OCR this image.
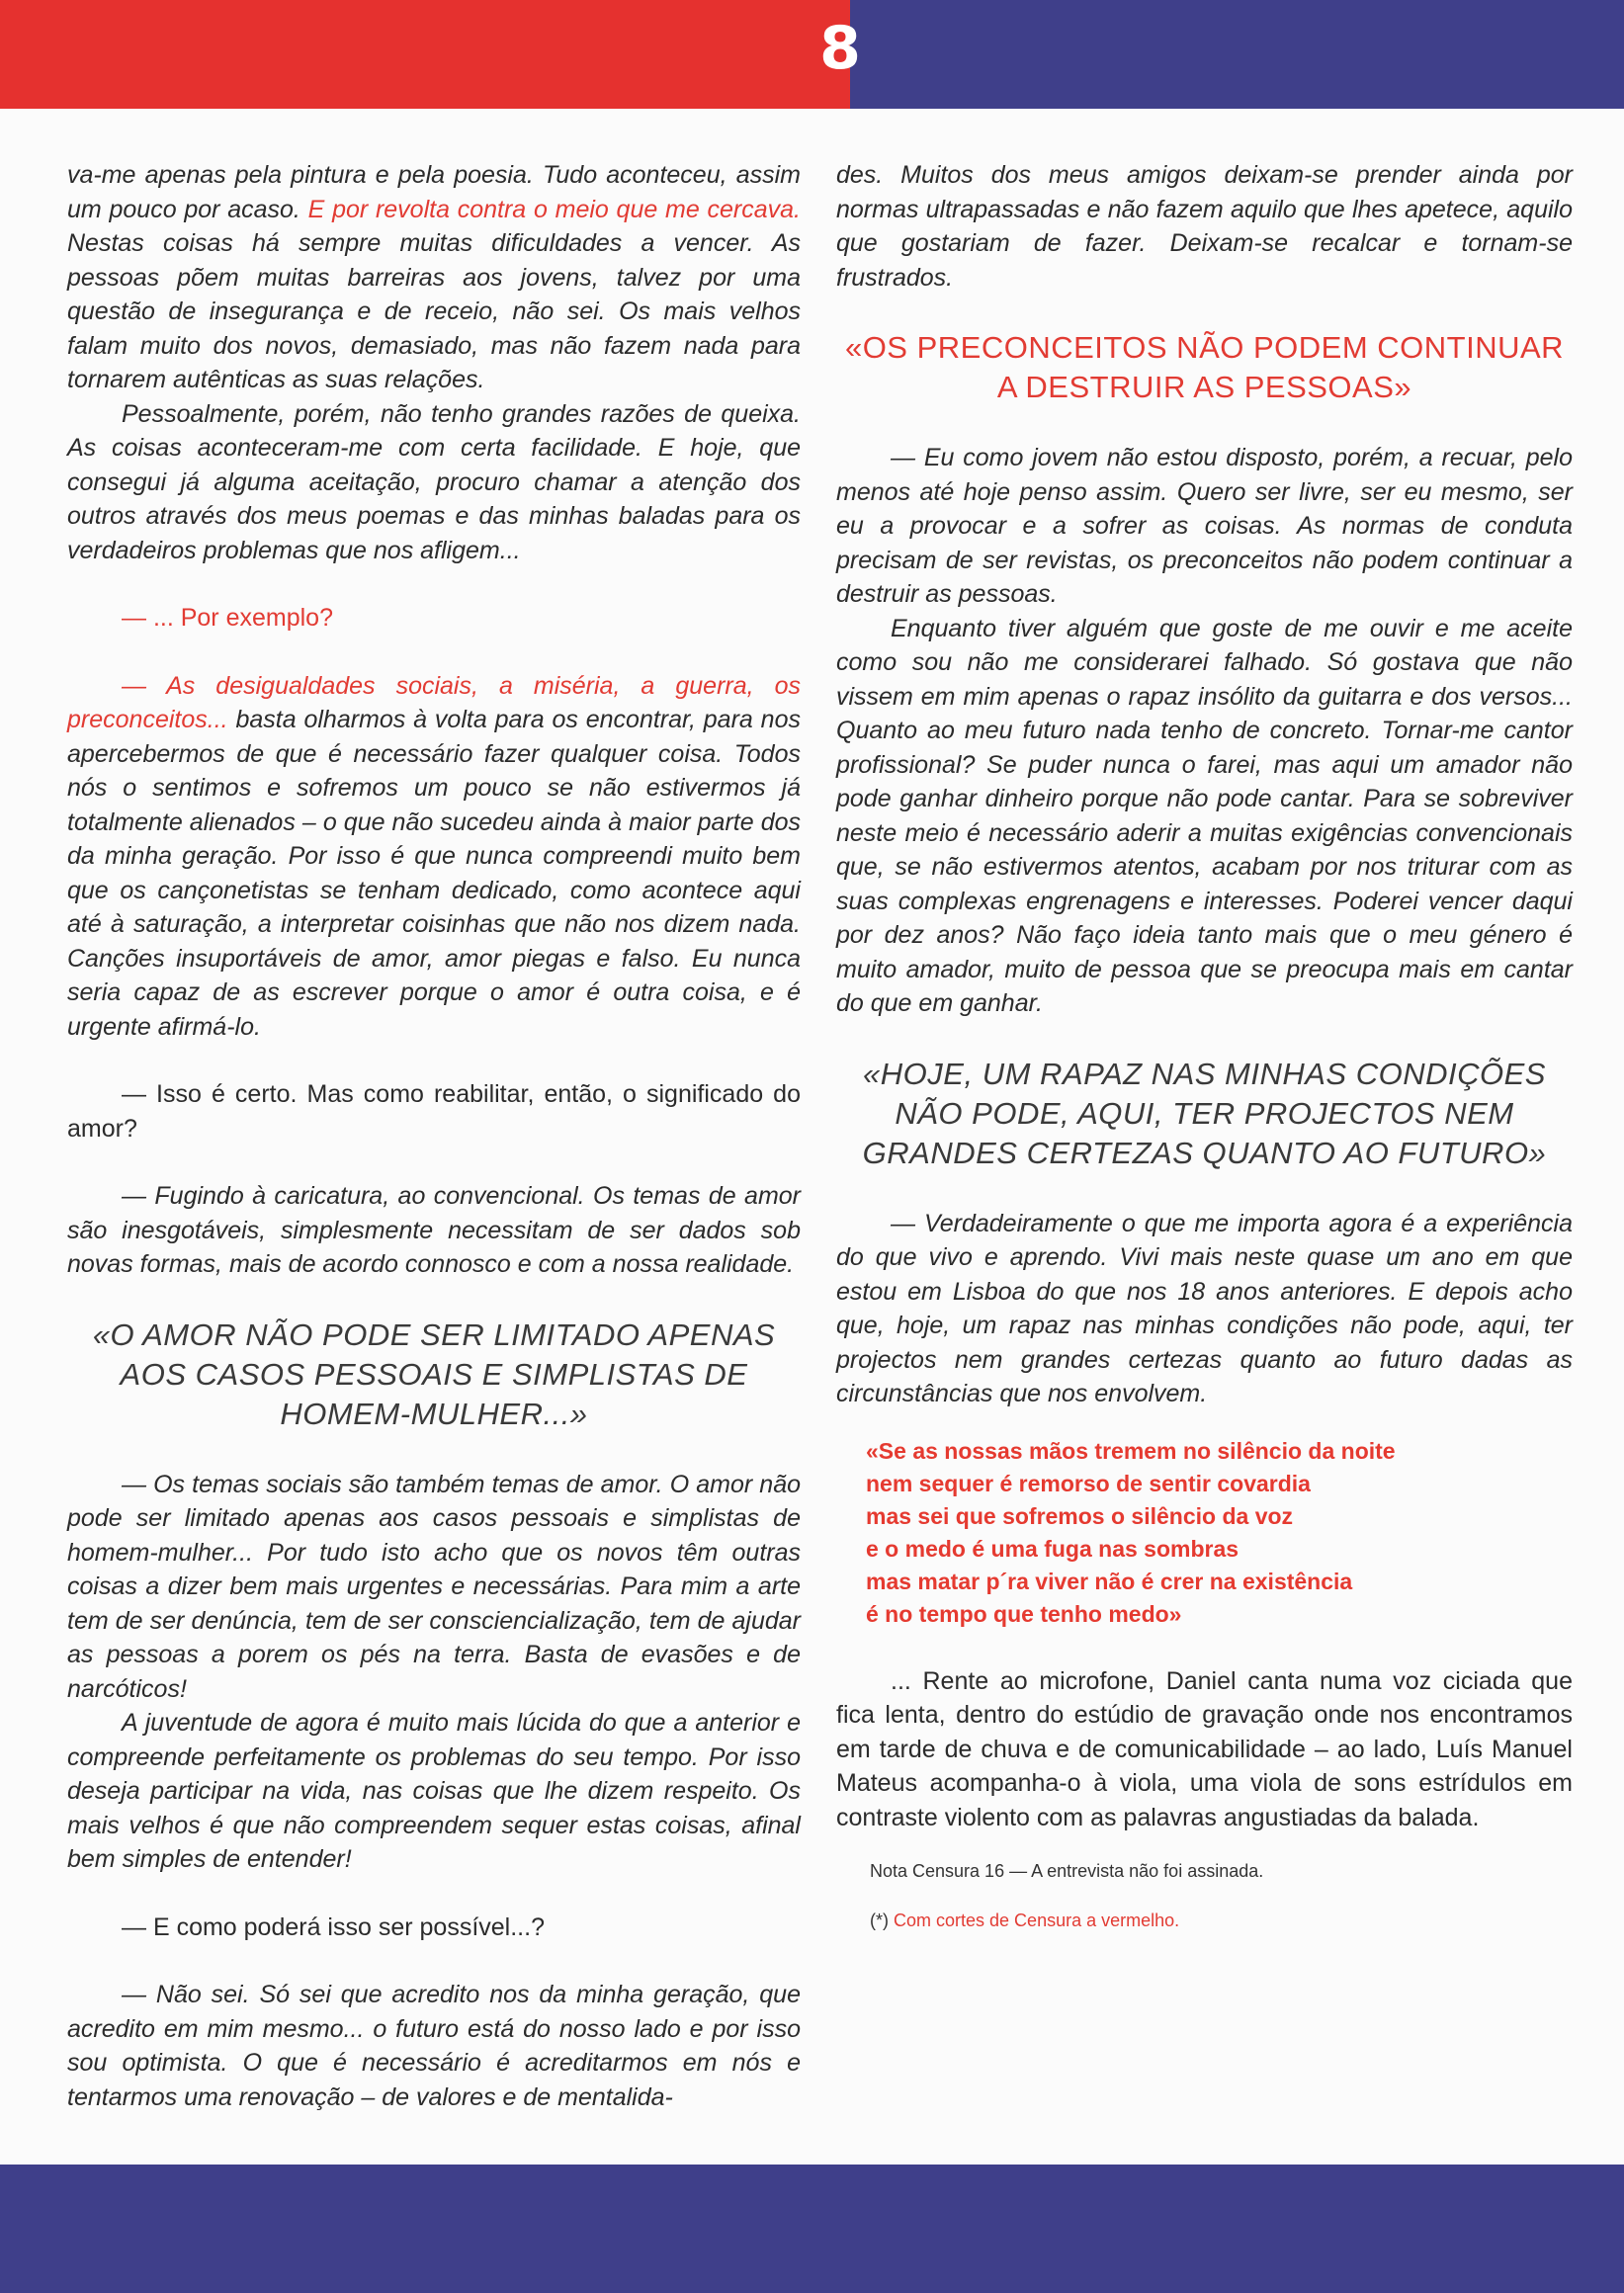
8

va-me apenas pela pintura e pela poesia. Tudo aconteceu, assim um pouco por acaso. E por revolta contra o meio que me cercava. Nestas coisas há sempre muitas dificuldades a vencer. As pessoas põem muitas barreiras aos jovens, talvez por uma questão de insegurança e de receio, não sei. Os mais velhos falam muito dos novos, demasiado, mas não fazem nada para tornarem autênticas as suas relações.

Pessoalmente, porém, não tenho grandes razões de queixa. As coisas aconteceram-me com certa facilidade. E hoje, que consegui já alguma aceitação, procuro chamar a atenção dos outros através dos meus poemas e das minhas baladas para os verdadeiros problemas que nos afligem...

— ... Por exemplo?

— As desigualdades sociais, a miséria, a guerra, os preconceitos... basta olharmos à volta para os encontrar, para nos apercebermos de que é necessário fazer qualquer coisa. Todos nós o sentimos e sofremos um pouco se não estivermos já totalmente alienados – o que não sucedeu ainda à maior parte dos da minha geração. Por isso é que nunca compreendi muito bem que os cançonetistas se tenham dedicado, como acontece aqui até à saturação, a interpretar coisinhas que não nos dizem nada. Canções insuportáveis de amor, amor piegas e falso. Eu nunca seria capaz de as escrever porque o amor é outra coisa, e é urgente afirmá-lo.

— Isso é certo. Mas como reabilitar, então, o significado do amor?

— Fugindo à caricatura, ao convencional. Os temas de amor são inesgotáveis, simplesmente necessitam de ser dados sob novas formas, mais de acordo connosco e com a nossa realidade.

«O AMOR NÃO PODE SER LIMITADO APENAS AOS CASOS PESSOAIS E SIMPLISTAS DE HOMEM-MULHER...»

— Os temas sociais são também temas de amor. O amor não pode ser limitado apenas aos casos pessoais e simplistas de homem-mulher... Por tudo isto acho que os novos têm outras coisas a dizer bem mais urgentes e necessárias. Para mim a arte tem de ser denúncia, tem de ser consciencialização, tem de ajudar as pessoas a porem os pés na terra. Basta de evasões e de narcóticos!

A juventude de agora é muito mais lúcida do que a anterior e compreende perfeitamente os problemas do seu tempo. Por isso deseja participar na vida, nas coisas que lhe dizem respeito. Os mais velhos é que não compreendem sequer estas coisas, afinal bem simples de entender!

— E como poderá isso ser possível...?

— Não sei. Só sei que acredito nos da minha geração, que acredito em mim mesmo... o futuro está do nosso lado e por isso sou optimista. O que é necessário é acreditarmos em nós e tentarmos uma renovação – de valores e de mentalida-

des. Muitos dos meus amigos deixam-se prender ainda por normas ultrapassadas e não fazem aquilo que lhes apetece, aquilo que gostariam de fazer. Deixam-se recalcar e tornam-se frustrados.

«OS PRECONCEITOS NÃO PODEM CONTINUAR A DESTRUIR AS PESSOAS»

— Eu como jovem não estou disposto, porém, a recuar, pelo menos até hoje penso assim. Quero ser livre, ser eu mesmo, ser eu a provocar e a sofrer as coisas. As normas de conduta precisam de ser revistas, os preconceitos não podem continuar a destruir as pessoas.

Enquanto tiver alguém que goste de me ouvir e me aceite como sou não me considerarei falhado. Só gostava que não vissem em mim apenas o rapaz insólito da guitarra e dos versos... Quanto ao meu futuro nada tenho de concreto. Tornar-me cantor profissional? Se puder nunca o farei, mas aqui um amador não pode ganhar dinheiro porque não pode cantar. Para se sobreviver neste meio é necessário aderir a muitas exigências convencionais que, se não estivermos atentos, acabam por nos triturar com as suas complexas engrenagens e interesses. Poderei vencer daqui por dez anos? Não faço ideia tanto mais que o meu género é muito amador, muito de pessoa que se preocupa mais em cantar do que em ganhar.

«HOJE, UM RAPAZ NAS MINHAS CONDIÇÕES NÃO PODE, AQUI, TER PROJECTOS NEM GRANDES CERTEZAS QUANTO AO FUTURO»

— Verdadeiramente o que me importa agora é a experiência do que vivo e aprendo. Vivi mais neste quase um ano em que estou em Lisboa do que nos 18 anos anteriores. E depois acho que, hoje, um rapaz nas minhas condições não pode, aqui, ter projectos nem grandes certezas quanto ao futuro dadas as circunstâncias que nos envolvem.

«Se as nossas mãos tremem no silêncio da noite
nem sequer é remorso de sentir covardia
mas sei que sofremos o silêncio da voz
e o medo é uma fuga nas sombras
mas matar p´ra viver não é crer na existência
é no tempo que tenho medo»

... Rente ao microfone, Daniel canta numa voz ciciada que fica lenta, dentro do estúdio de gravação onde nos encontramos em tarde de chuva e de comunicabilidade – ao lado, Luís Manuel Mateus acompanha-o à viola, uma viola de sons estrídulos em contraste violento com as palavras angustiadas da balada.

Nota Censura 16 — A entrevista não foi assinada.

(*) Com cortes de Censura a vermelho.
